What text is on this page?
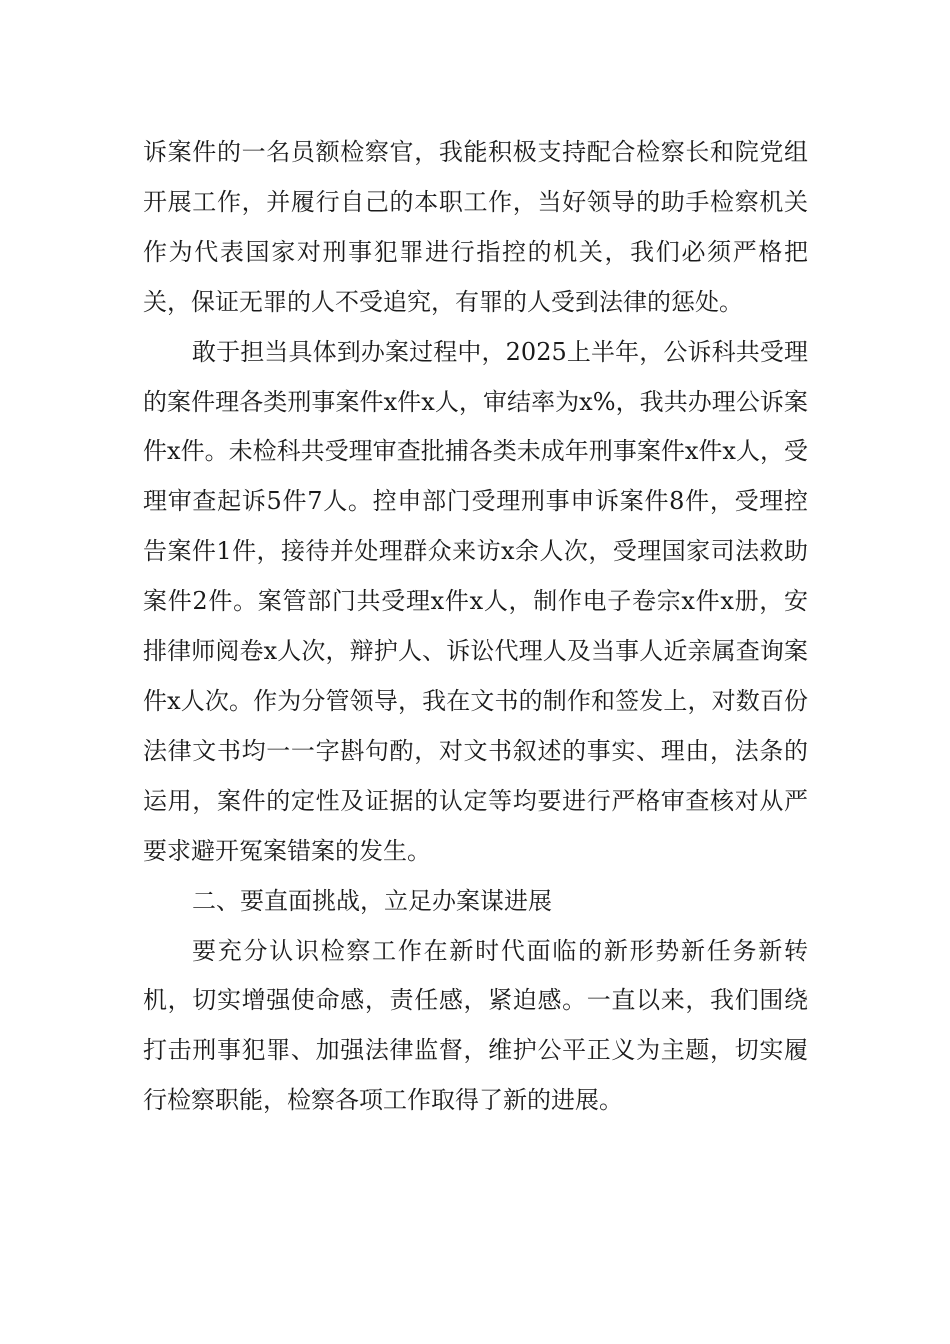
诉案件的一名员额检察官，我能积极支持配合检察长和院党组开展工作，并履行自己的本职工作，当好领导的助手检察机关作为代表国家对刑事犯罪进行指控的机关，我们必须严格把关，保证无罪的人不受追究，有罪的人受到法律的惩处。

敢于担当具体到办案过程中，2025上半年，公诉科共受理的案件理各类刑事案件x件x人，审结率为x%，我共办理公诉案件x件。未检科共受理审查批捕各类未成年刑事案件x件x人，受理审查起诉5件7人。控申部门受理刑事申诉案件8件，受理控告案件1件，接待并处理群众来访x余人次，受理国家司法救助案件2件。案管部门共受理x件x人，制作电子卷宗x件x册，安排律师阅卷x人次，辩护人、诉讼代理人及当事人近亲属查询案件x人次。作为分管领导，我在文书的制作和签发上，对数百份法律文书均一一字斟句酌，对文书叙述的事实、理由，法条的运用，案件的定性及证据的认定等均要进行严格审查核对从严要求避开冤案错案的发生。

二、要直面挑战，立足办案谋进展

要充分认识检察工作在新时代面临的新形势新任务新转机，切实增强使命感，责任感，紧迫感。一直以来，我们围绕打击刑事犯罪、加强法律监督，维护公平正义为主题，切实履行检察职能，检察各项工作取得了新的进展。
